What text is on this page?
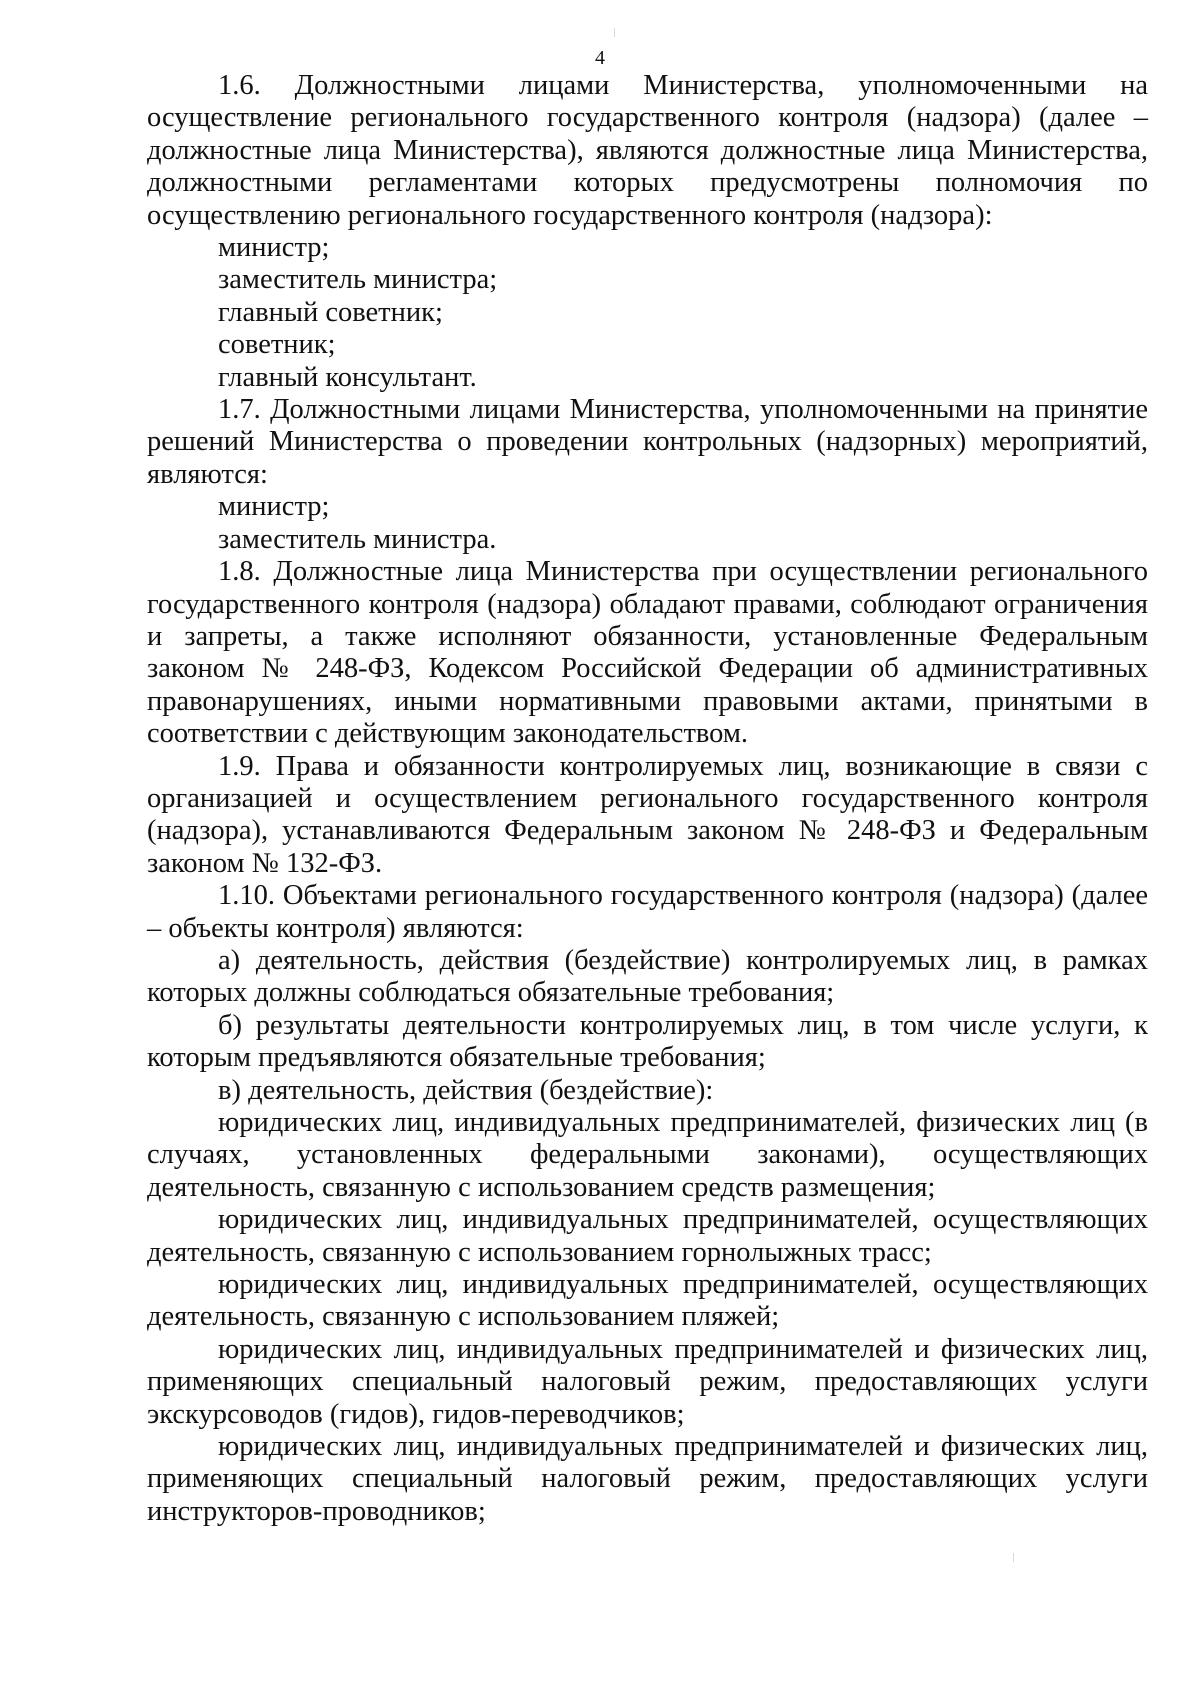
4

1.6. Должностными лицами Министерства, уполномоченными на осуществление регионального государственного контроля (надзора) (далее – должностные лица Министерства), являются должностные лица Министерства, должностными регламентами которых предусмотрены полномочия по осуществлению регионального государственного контроля (надзора):

министр;

заместитель министра;

главный советник;

советник;

главный консультант.

1.7. Должностными лицами Министерства, уполномоченными на принятие решений Министерства о проведении контрольных (надзорных) мероприятий, являются:

министр;

заместитель министра.

1.8. Должностные лица Министерства при осуществлении регионального государственного контроля (надзора) обладают правами, соблюдают ограничения и запреты, а также исполняют обязанности, установленные Федеральным законом № 248-ФЗ, Кодексом Российской Федерации об административных правонарушениях, иными нормативными правовыми актами, принятыми в соответствии с действующим законодательством.

1.9. Права и обязанности контролируемых лиц, возникающие в связи с организацией и осуществлением регионального государственного контроля (надзора), устанавливаются Федеральным законом № 248-ФЗ и Федеральным законом № 132-ФЗ.

1.10. Объектами регионального государственного контроля (надзора) (далее – объекты контроля) являются:

а) деятельность, действия (бездействие) контролируемых лиц, в рамках которых должны соблюдаться обязательные требования;

б) результаты деятельности контролируемых лиц, в том числе услуги, к которым предъявляются обязательные требования;

в) деятельность, действия (бездействие):

юридических лиц, индивидуальных предпринимателей, физических лиц (в случаях, установленных федеральными законами), осуществляющих деятельность, связанную с использованием средств размещения;

юридических лиц, индивидуальных предпринимателей, осуществляющих деятельность, связанную с использованием горнолыжных трасс;

юридических лиц, индивидуальных предпринимателей, осуществляющих деятельность, связанную с использованием пляжей;

юридических лиц, индивидуальных предпринимателей и физических лиц, применяющих специальный налоговый режим, предоставляющих услуги экскурсоводов (гидов), гидов-переводчиков;

юридических лиц, индивидуальных предпринимателей и физических лиц, применяющих специальный налоговый режим, предоставляющих услуги инструкторов-проводников;
